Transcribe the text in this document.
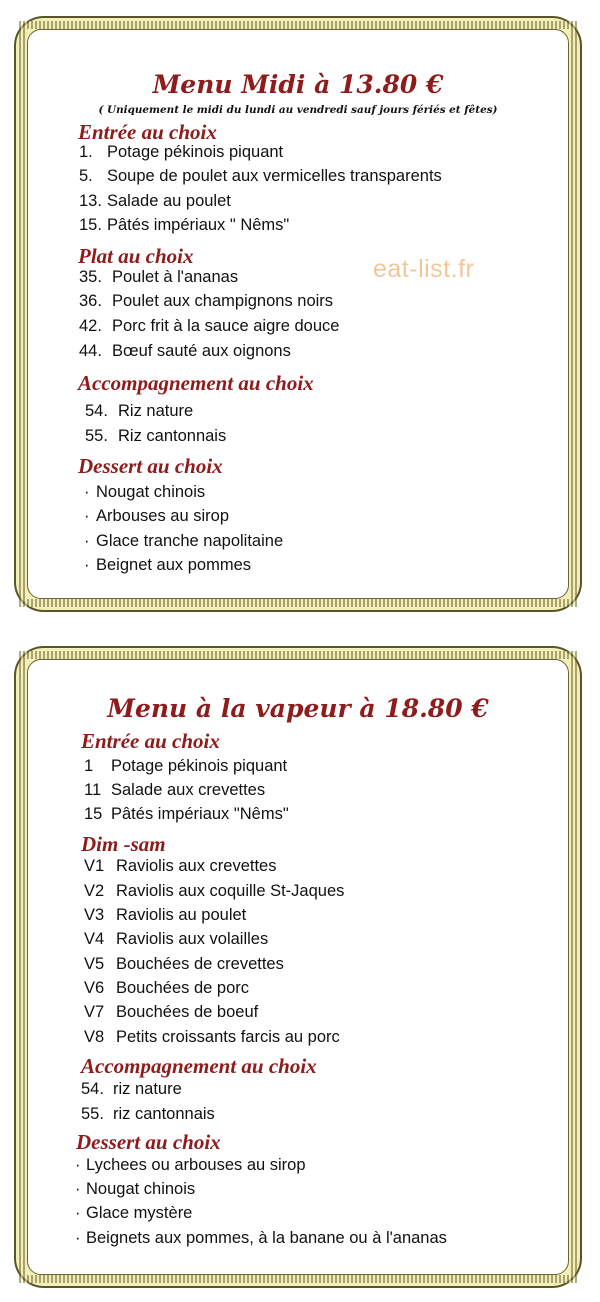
Menu Midi à 13.80 €

( Uniquement le midi du lundi au vendredi sauf jours fériés et fêtes)

Entrée au choix

1. Potage pékinois piquant

5. Soupe de poulet aux vermicelles transparents

13. Salade au poulet

15. Pâtés impériaux " Nêms"

Plat au choix

35. Poulet à l'ananas

36. Poulet aux champignons noirs

42. Porc frit à la sauce aigre douce

44. Bœuf sauté aux oignons

Accompagnement au choix

54. Riz nature

55. Riz cantonnais

Dessert au choix

· Nougat chinois

· Arbouses au sirop

· Glace tranche napolitaine

· Beignet aux pommes

eat-list.fr
Menu à la vapeur à 18.80 €
Entrée au choix

1 Potage pékinois piquant

11 Salade aux crevettes

15 Pâtés impériaux "Nêms"

Dim -sam

V1 Raviolis aux crevettes

V2 Raviolis aux coquille St-Jaques

V3 Raviolis au poulet

V4 Raviolis aux volailles

V5 Bouchées de crevettes

V6 Bouchées de porc

V7 Bouchées de boeuf

V8 Petits croissants farcis au porc

Accompagnement au choix

54. riz nature

55. riz cantonnais

Dessert au choix

· Lychees ou arbouses au sirop

· Nougat chinois

· Glace mystère

· Beignets aux pommes, à la banane ou à l'ananas
